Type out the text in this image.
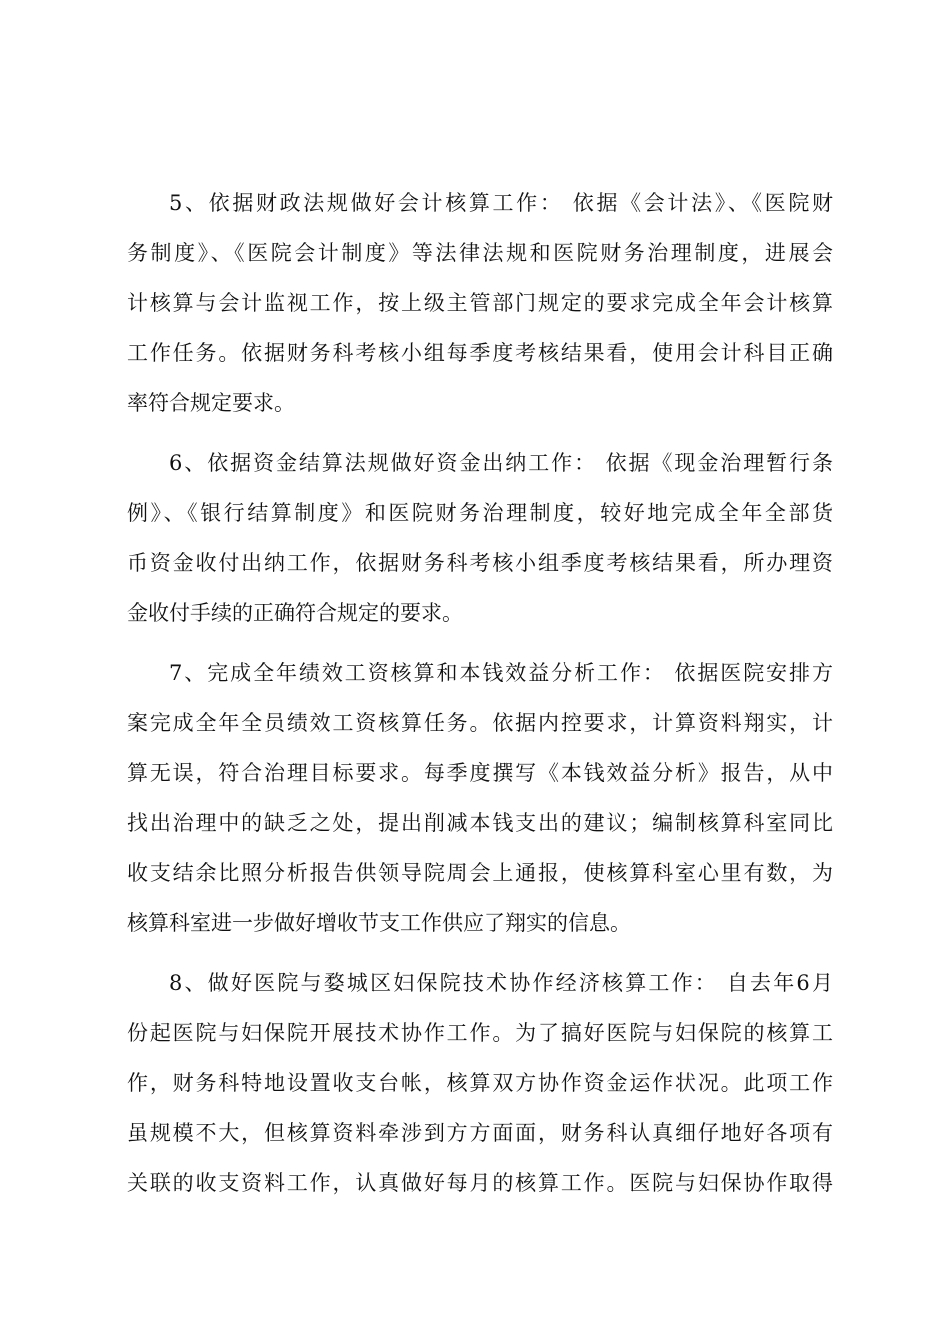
5、依据财政法规做好会计核算工作： 依据《会计法》、《医院财
务制度》、《医院会计制度》等法律法规和医院财务治理制度，进展会
计核算与会计监视工作，按上级主管部门规定的要求完成全年会计核算
工作任务。依据财务科考核小组每季度考核结果看，使用会计科目正确
率符合规定要求。
6、依据资金结算法规做好资金出纳工作： 依据《现金治理暂行条
例》、《银行结算制度》和医院财务治理制度，较好地完成全年全部货
币资金收付出纳工作，依据财务科考核小组季度考核结果看，所办理资
金收付手续的正确符合规定的要求。
7、完成全年绩效工资核算和本钱效益分析工作： 依据医院安排方
案完成全年全员绩效工资核算任务。依据内控要求，计算资料翔实，计
算无误，符合治理目标要求。每季度撰写《本钱效益分析》报告，从中
找出治理中的缺乏之处，提出削减本钱支出的建议；编制核算科室同比
收支结余比照分析报告供领导院周会上通报，使核算科室心里有数，为
核算科室进一步做好增收节支工作供应了翔实的信息。
8、做好医院与婺城区妇保院技术协作经济核算工作： 自去年6月
份起医院与妇保院开展技术协作工作。为了搞好医院与妇保院的核算工
作，财务科特地设置收支台帐，核算双方协作资金运作状况。此项工作
虽规模不大，但核算资料牵涉到方方面面，财务科认真细仔地好各项有
关联的收支资料工作，认真做好每月的核算工作。医院与妇保协作取得
